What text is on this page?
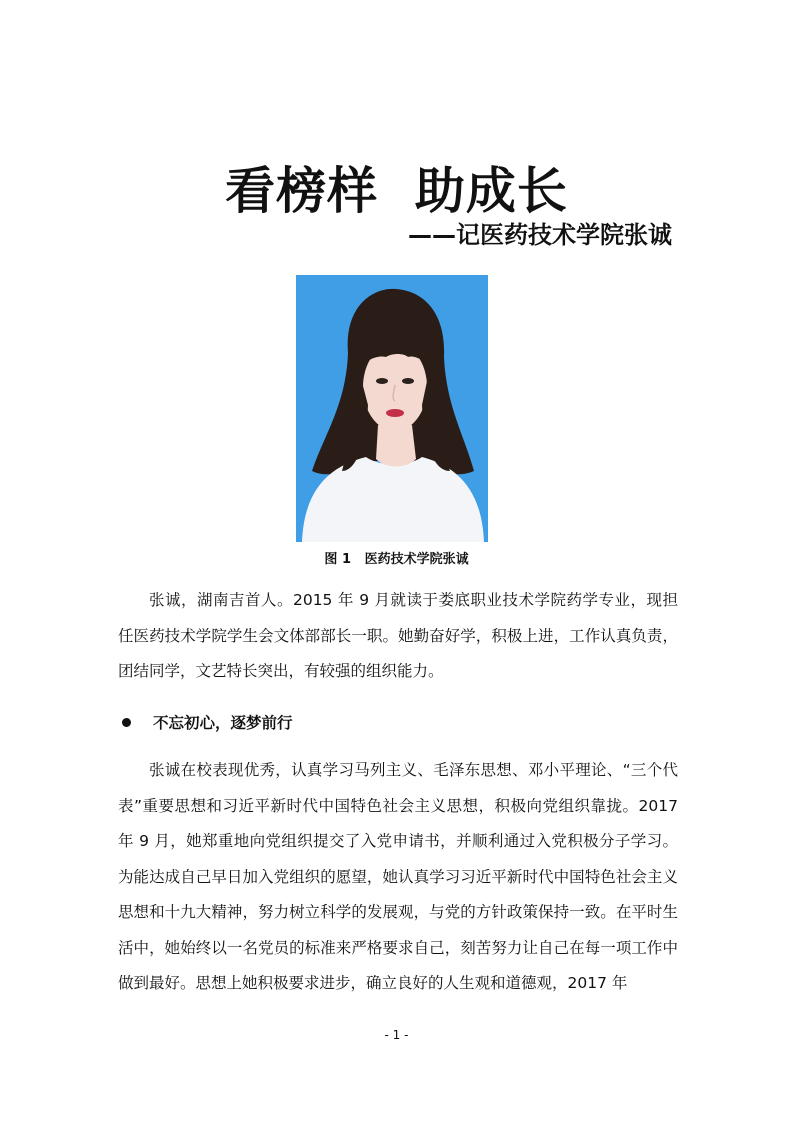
看榜样  助成长
——记医药技术学院张诚
图 1   医药技术学院张诚

张诚，湖南吉首人。2015 年 9 月就读于娄底职业技术学院药学专业，现担任医药技术学院学生会文体部部长一职。她勤奋好学，积极上进，工作认真负责，团结同学，文艺特长突出，有较强的组织能力。

不忘初心，逐梦前行

张诚在校表现优秀，认真学习马列主义、毛泽东思想、邓小平理论、“三个代表”重要思想和习近平新时代中国特色社会主义思想，积极向党组织靠拢。2017 年 9 月，她郑重地向党组织提交了入党申请书，并顺利通过入党积极分子学习。为能达成自己早日加入党组织的愿望，她认真学习习近平新时代中国特色社会主义思想和十九大精神，努力树立科学的发展观，与党的方针政策保持一致。在平时生活中，她始终以一名党员的标准来严格要求自己，刻苦努力让自己在每一项工作中做到最好。思想上她积极要求进步，确立良好的人生观和道德观，2017 年

- 1 -
